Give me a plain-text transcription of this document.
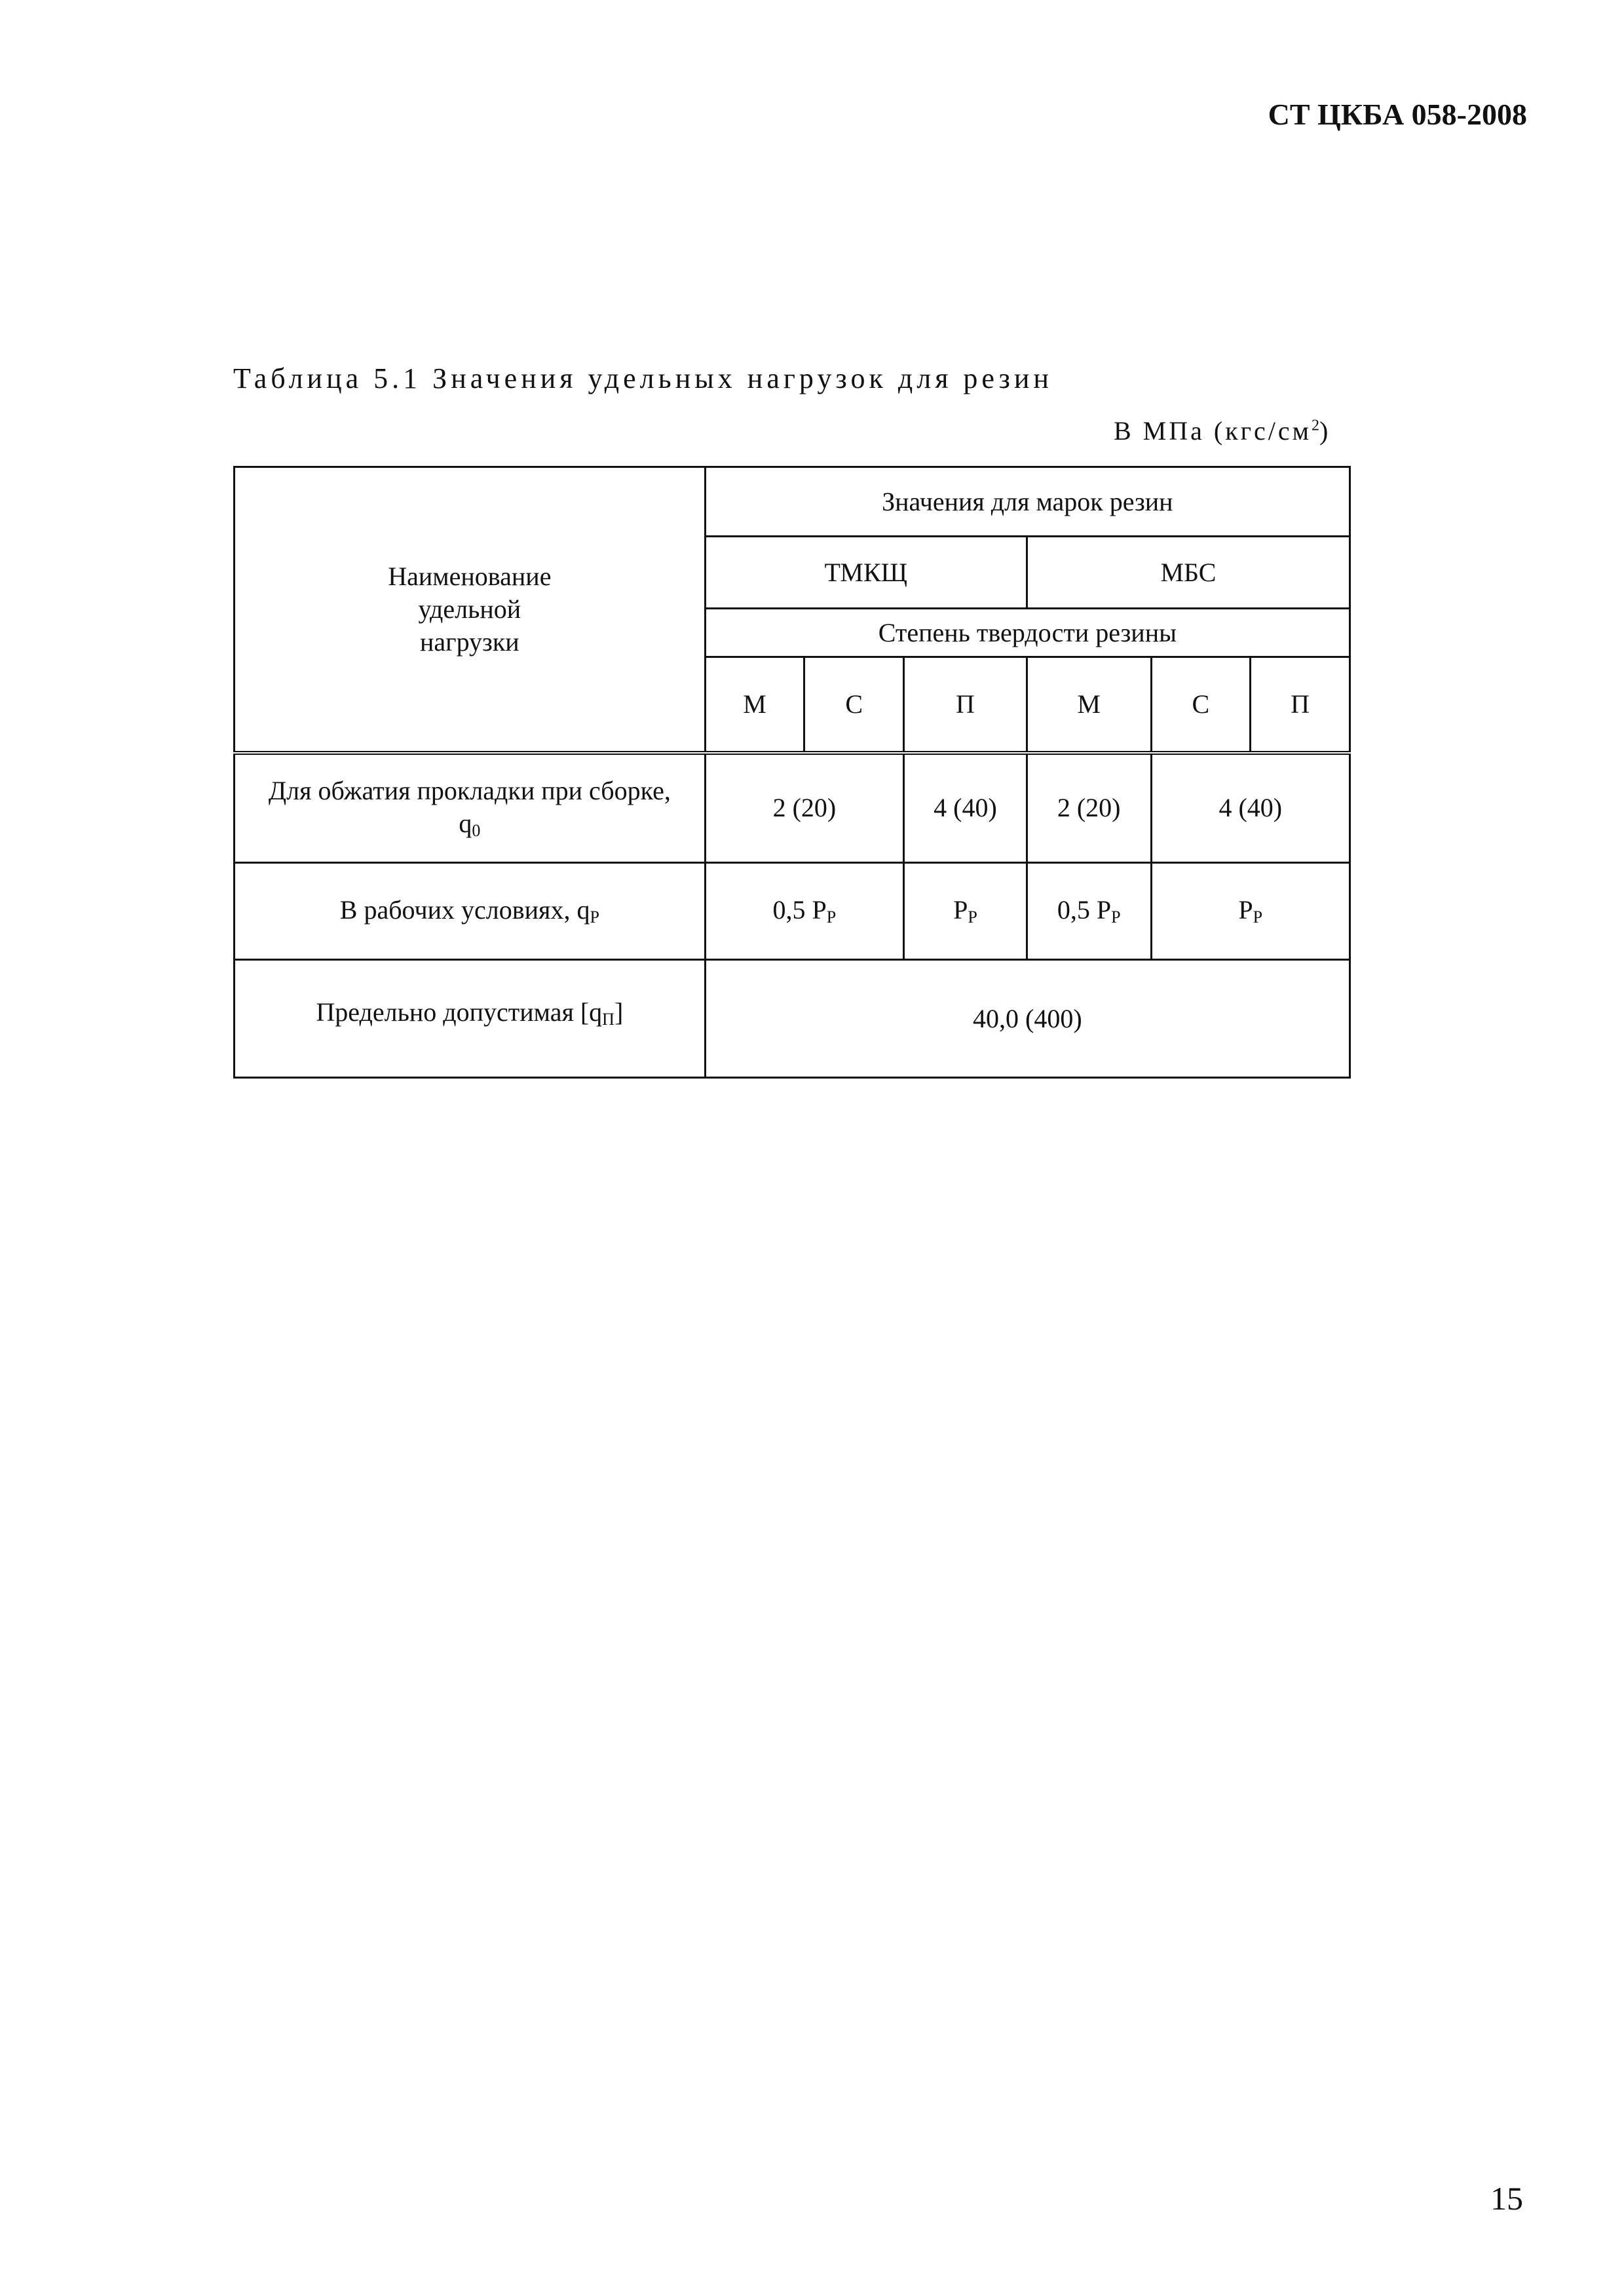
СТ ЦКБА 058-2008
Таблица 5.1 Значения удельных нагрузок для резин
В МПа $(кгс/см^2)$
Наименование
удельной
нагрузки	Значения для марок резин					
	ТМКЩ			МБС		
	Степень твердости резины					
	М	С	П	М	С	П

Для обжатия прокладки при сборке,
$q_0$	2 (20)		4 (40)	2 (20)	4 (40)	
В рабочих условиях, $q_Р$	0,5 $Р_Р$		$Р_Р$	0,5 $Р_Р$	$Р_Р$
Предельно допустимая $[q_П]$	40,0 (400)					
15
